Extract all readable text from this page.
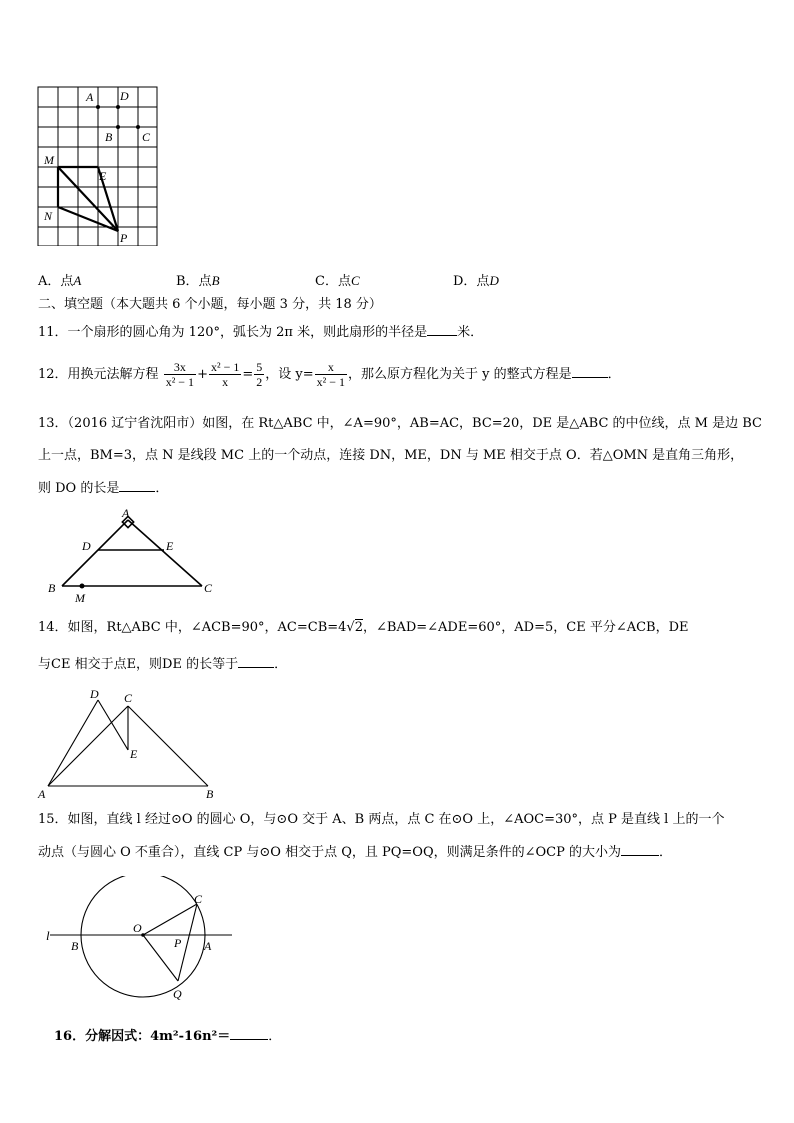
A D
B C
M
E
N
P
A．点A	B．点B	C．点C	D．点D
二、填空题（本大题共 6 个小题，每小题 3 分，共 18 分）
11．一个扇形的圆心角为 120°，弧长为 2π 米，则此扇形的半径是 米．
12．用换元法解方程 $\frac{3x}{\text{x² − 1}} + \frac{\text{x² − 1}}{x} = \frac{5}{2}$ ，设 $y= \frac{x}{\text{x² − 1}}$ ，那么原方程化为关于 y 的整式方程是	．
13．（2016 辽宁省沈阳市）如图，在 Rt△ABC 中，∠A=90°，AB=AC，BC=20，DE 是△ABC 的中位线，点 M 是边 BC
上一点，BM=3，点 N 是线段 MC 上的一个动点，连接 DN，ME，DN 与 ME 相交于点 O．若△OMN 是直角三角形，
则 DO 的长是	．
A
D	E
B
M
C
14．如图，Rt△ABC 中，∠ACB=90°，AC=CB=4√2，∠BAD=∠ADE=60°，AD=5，CE 平分∠ACB，DE
与CE 相交于点E，则DE 的长等于	．
D C
E
A	B
15．如图，直线 l 经过⊙O 的圆心 O，与⊙O 交于 A、B 两点，点 C 在⊙O 上，∠AOC=30°，点 P 是直线 l 上的一个
动点（与圆心 O 不重合），直线 CP 与⊙O 相交于点 Q，且 PQ=OQ，则满足条件的∠OCP 的大小为	．
C
l	O
P
B	A
Q
16．分解因式：4m²-16n²＝	．
